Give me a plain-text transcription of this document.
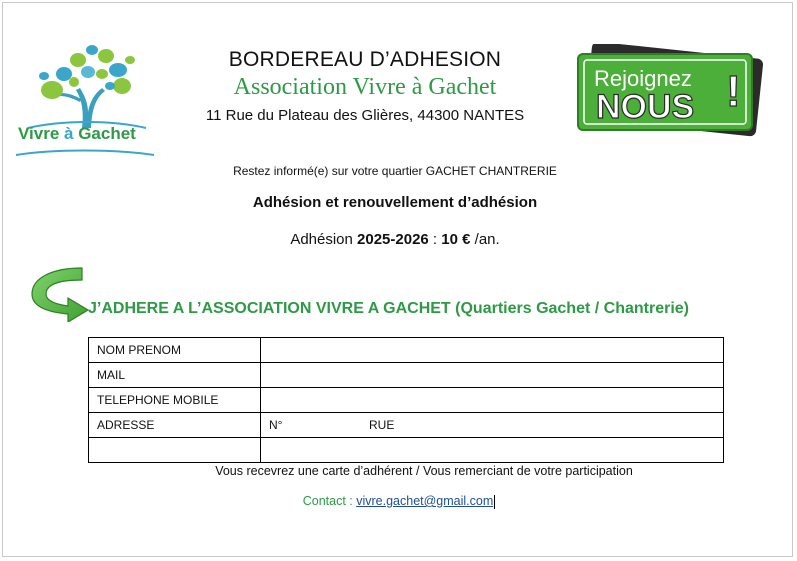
Vivre à Gachet
BORDEREAU D’ADHESION
Association Vivre à Gachet
11 Rue du Plateau des Glières, 44300 NANTES
Rejoignez
NOUS !
Restez informé(e) sur votre quartier GACHET CHANTRERIE
Adhésion et renouvellement d’adhésion
Adhésion 2025-2026 : 10 € /an.
J’ADHERE A L’ASSOCIATION VIVRE A GACHET (Quartiers Gachet / Chantrerie)
NOM PRENOM	
MAIL	
TELEPHONE MOBILE	
ADRESSE	N° RUE

Vous recevrez une carte d’adhérent / Vous remerciant de votre participation
Contact : vivre.gachet@gmail.com
